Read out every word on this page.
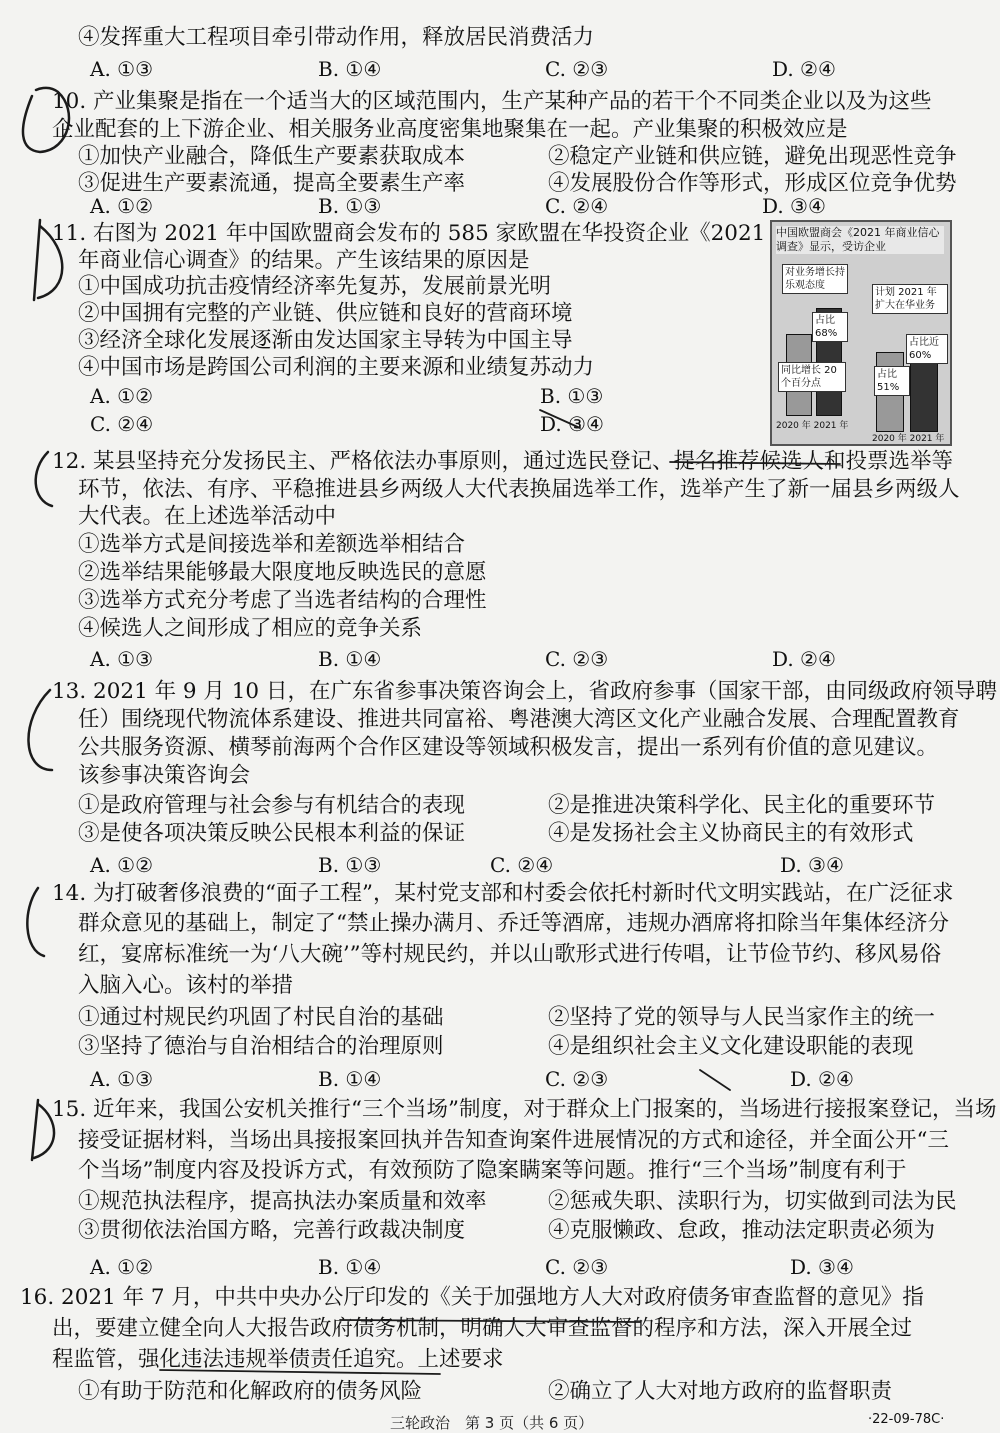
④发挥重大工程项目牵引带动作用，释放居民消费活力
A. ①③	B. ①④	C. ②③	D. ②④
10. 产业集聚是指在一个适当大的区域范围内，生产某种产品的若干个不同类企业以及为这些
企业配套的上下游企业、相关服务业高度密集地聚集在一起。产业集聚的积极效应是
①加快产业融合，降低生产要素获取成本	②稳定产业链和供应链，避免出现恶性竞争
③促进生产要素流通，提高全要素生产率	④发展股份合作等形式，形成区位竞争优势
A. ①②	B. ①③	C. ②④	D. ③④
11. 右图为 2021 年中国欧盟商会发布的 585 家欧盟在华投资企业《2021
年商业信心调查》的结果。产生该结果的原因是
①中国成功抗击疫情经济率先复苏，发展前景光明
②中国拥有完整的产业链、供应链和良好的营商环境
③经济全球化发展逐渐由发达国家主导转为中国主导
④中国市场是跨国公司利润的主要来源和业绩复苏动力
A. ①②	B. ①③
C. ②④	D. ③④
中国欧盟商会《2021 年商业信心调查》显示，受访企业
对业务增长持乐观态度
占比 68%
同比增长 20 个百分点
2020 年 2021 年
计划 2021 年扩大在华业务
占比 51%
占比近 60%
2020 年 2021 年
12. 某县坚持充分发扬民主、严格依法办事原则，通过选民登记、提名推荐候选人和投票选举等
环节，依法、有序、平稳推进县乡两级人大代表换届选举工作，选举产生了新一届县乡两级人
大代表。在上述选举活动中
①选举方式是间接选举和差额选举相结合
②选举结果能够最大限度地反映选民的意愿
③选举方式充分考虑了当选者结构的合理性
④候选人之间形成了相应的竞争关系
A. ①③	B. ①④	C. ②③	D. ②④
13. 2021 年 9 月 10 日，在广东省参事决策咨询会上，省政府参事（国家干部，由同级政府领导聘
任）围绕现代物流体系建设、推进共同富裕、粤港澳大湾区文化产业融合发展、合理配置教育
公共服务资源、横琴前海两个合作区建设等领域积极发言，提出一系列有价值的意见建议。
该参事决策咨询会
①是政府管理与社会参与有机结合的表现	②是推进决策科学化、民主化的重要环节
③是使各项决策反映公民根本利益的保证	④是发扬社会主义协商民主的有效形式
A. ①②	B. ①③	C. ②④	D. ③④
14. 为打破奢侈浪费的“面子工程”，某村党支部和村委会依托村新时代文明实践站，在广泛征求
群众意见的基础上，制定了“禁止操办满月、乔迁等酒席，违规办酒席将扣除当年集体经济分
红，宴席标准统一为‘八大碗’”等村规民约，并以山歌形式进行传唱，让节俭节约、移风易俗
入脑入心。该村的举措
①通过村规民约巩固了村民自治的基础	②坚持了党的领导与人民当家作主的统一
③坚持了德治与自治相结合的治理原则	④是组织社会主义文化建设职能的表现
A. ①③	B. ①④	C. ②③	D. ②④
15. 近年来，我国公安机关推行“三个当场”制度，对于群众上门报案的，当场进行接报案登记，当场
接受证据材料，当场出具接报案回执并告知查询案件进展情况的方式和途径，并全面公开“三
个当场”制度内容及投诉方式，有效预防了隐案瞒案等问题。推行“三个当场”制度有利于
①规范执法程序，提高执法办案质量和效率	②惩戒失职、渎职行为，切实做到司法为民
③贯彻依法治国方略，完善行政裁决制度	④克服懒政、怠政，推动法定职责必须为
A. ①②	B. ①④	C. ②③	D. ③④
16. 2021 年 7 月，中共中央办公厅印发的《关于加强地方人大对政府债务审查监督的意见》指
出，要建立健全向人大报告政府债务机制，明确人大审查监督的程序和方法，深入开展全过
程监管，强化违法违规举债责任追究。上述要求
①有助于防范和化解政府的债务风险	②确立了人大对地方政府的监督职责
三轮政治　第 3 页（共 6 页）	·22-09-78C·
